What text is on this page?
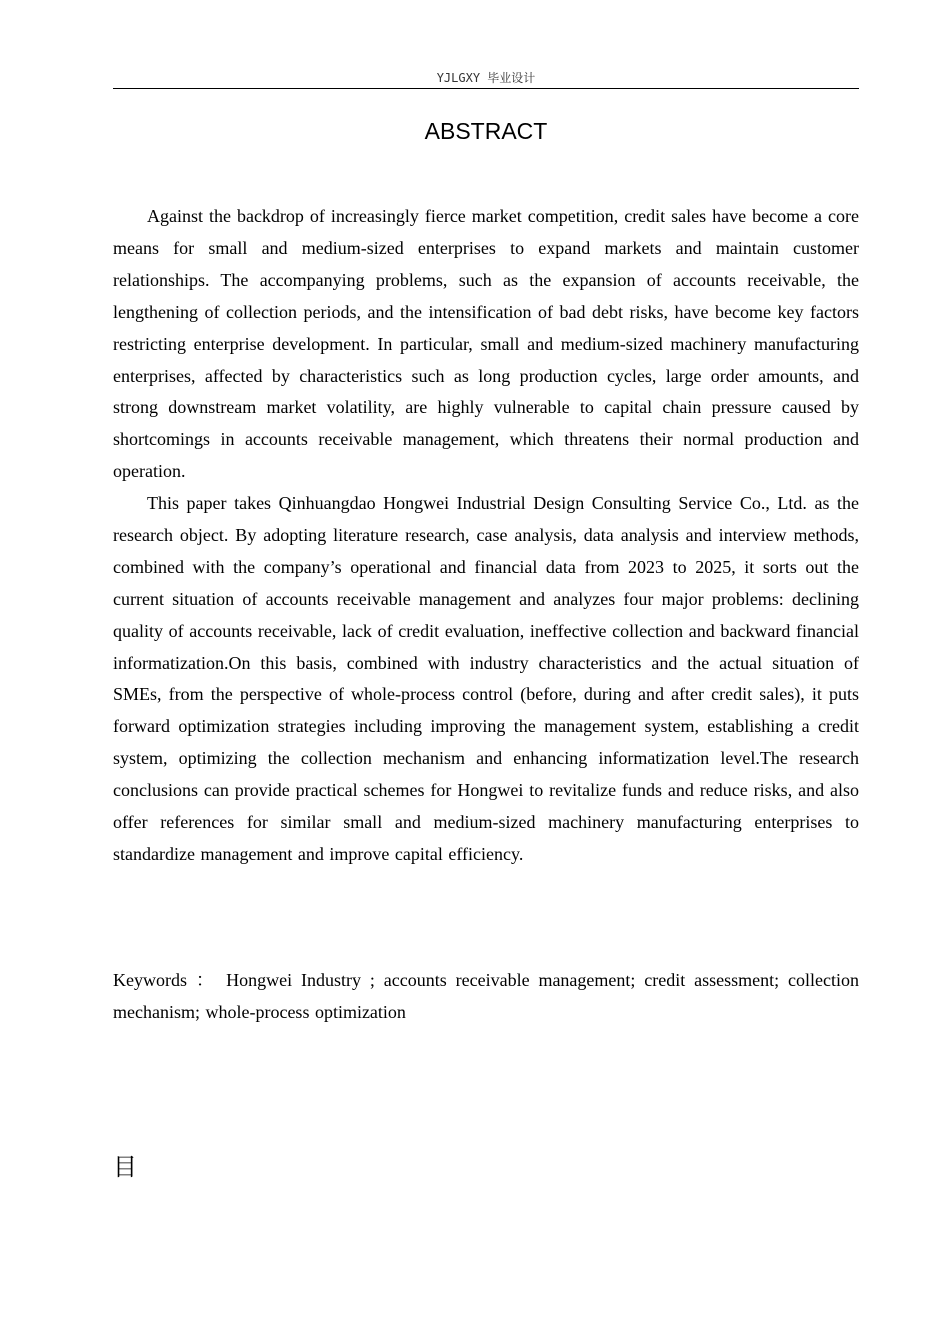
YJLGXY 毕业设计
ABSTRACT

Against the backdrop of increasingly fierce market competition, credit sales have become a core means for small and medium-sized enterprises to expand markets and maintain customer relationships. The accompanying problems, such as the expansion of accounts receivable, the lengthening of collection periods, and the intensification of bad debt risks, have become key factors restricting enterprise development. In particular, small and medium-sized machinery manufacturing enterprises, affected by characteristics such as long production cycles, large order amounts, and strong downstream market volatility, are highly vulnerable to capital chain pressure caused by shortcomings in accounts receivable management, which threatens their normal production and operation.

This paper takes Qinhuangdao Hongwei Industrial Design Consulting Service Co., Ltd. as the research object. By adopting literature research, case analysis, data analysis and interview methods, combined with the company’s operational and financial data from 2023 to 2025, it sorts out the current situation of accounts receivable management and analyzes four major problems: declining quality of accounts receivable, lack of credit evaluation, ineffective collection and backward financial informatization.On this basis, combined with industry characteristics and the actual situation of SMEs, from the perspective of whole-process control (before, during and after credit sales), it puts forward optimization strategies including improving the management system, establishing a credit system, optimizing the collection mechanism and enhancing informatization level.The research conclusions can provide practical schemes for Hongwei to revitalize funds and reduce risks, and also offer references for similar small and medium-sized machinery manufacturing enterprises to standardize management and improve capital efficiency.

Keywords ： Hongwei Industry ; accounts receivable management; credit assessment; collection mechanism; whole-process optimization

目
